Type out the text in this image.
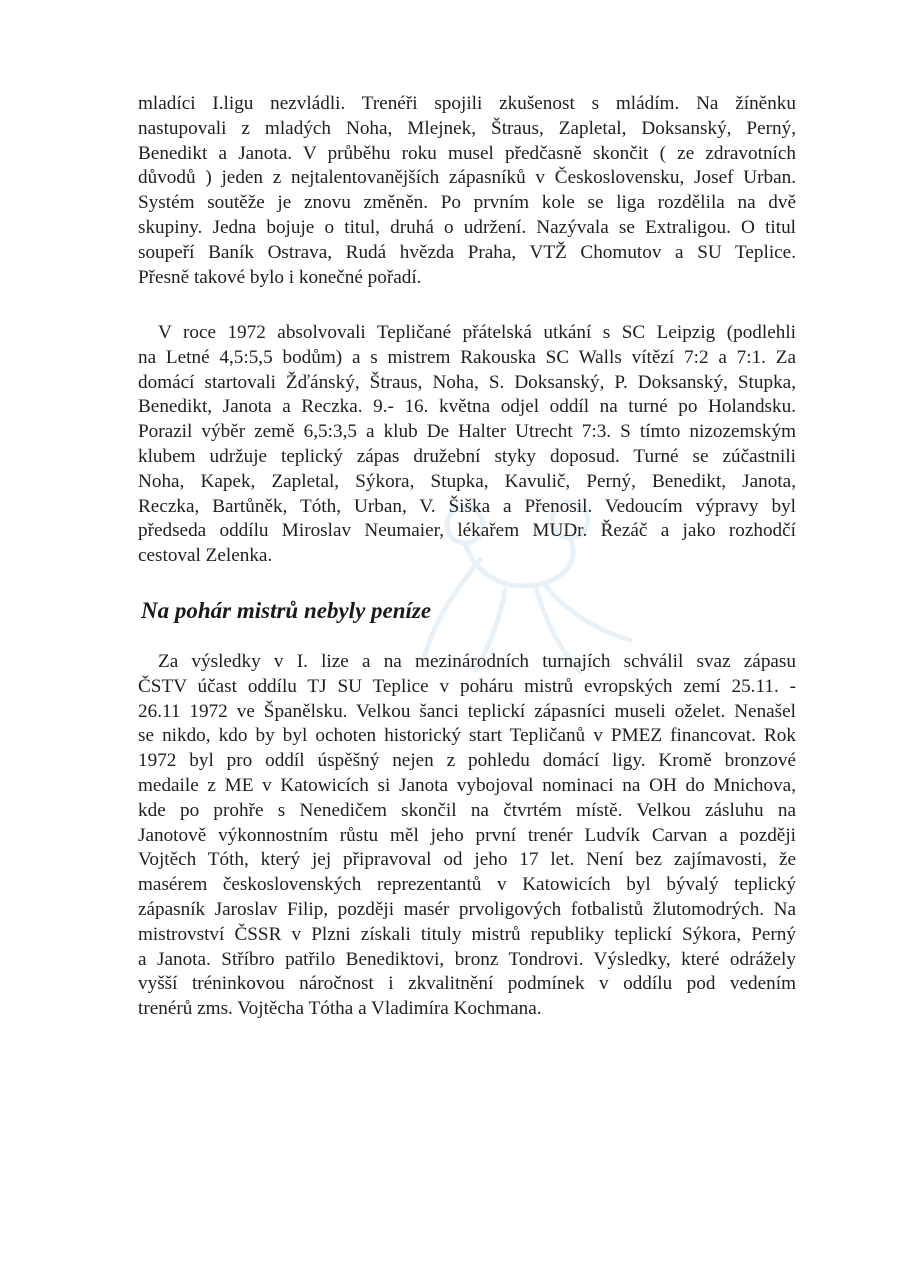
mladíci I.ligu nezvládli. Trenéři spojili zkušenost s mládím. Na žíněnku
nastupovali z mladých Noha, Mlejnek, Štraus, Zapletal, Doksanský, Perný,
Benedikt a Janota. V průběhu roku musel předčasně skončit ( ze zdravotních
důvodů ) jeden z nejtalentovanějších zápasníků v Československu, Josef Urban.
Systém soutěže je znovu změněn. Po prvním kole se liga rozdělila na dvě
skupiny. Jedna bojuje o titul, druhá o udržení. Nazývala se Extraligou. O titul
soupeří Baník Ostrava, Rudá hvězda Praha, VTŽ Chomutov a SU Teplice.
Přesně takové bylo i konečné pořadí.

V roce 1972 absolvovali Tepličané přátelská utkání s SC Leipzig (podlehli
na Letné 4,5:5,5 bodům) a s mistrem Rakouska SC Walls vítězí 7:2 a 7:1. Za
domácí startovali Žďánský, Štraus, Noha, S. Doksanský, P. Doksanský, Stupka,
Benedikt, Janota a Reczka. 9.- 16. května odjel oddíl na turné po Holandsku.
Porazil výběr země 6,5:3,5 a klub De Halter Utrecht 7:3. S tímto nizozemským
klubem udržuje teplický zápas družební styky doposud. Turné se zúčastnili
Noha, Kapek, Zapletal, Sýkora, Stupka, Kavulič, Perný, Benedikt, Janota,
Reczka, Bartůněk, Tóth, Urban, V. Šiška a Přenosil. Vedoucím výpravy byl
předseda oddílu Miroslav Neumaier, lékařem MUDr. Řezáč a jako rozhodčí
cestoval Zelenka.

Na pohár mistrů nebyly peníze

Za výsledky v I. lize a na mezinárodních turnajích schválil svaz zápasu
ČSTV účast oddílu TJ SU Teplice v poháru mistrů evropských zemí 25.11. -
26.11 1972 ve Španělsku. Velkou šanci teplickí zápasníci museli oželet. Nenašel
se nikdo, kdo by byl ochoten historický start Tepličanů v PMEZ financovat. Rok
1972 byl pro oddíl úspěšný nejen z pohledu domácí ligy. Kromě bronzové
medaile z ME v Katowicích si Janota vybojoval nominaci na OH do Mnichova,
kde po prohře s Nenedičem skončil na čtvrtém místě. Velkou zásluhu na
Janotově výkonnostním růstu měl jeho první trenér Ludvík Carvan a později
Vojtěch Tóth, který jej připravoval od jeho 17 let. Není bez zajímavosti, že
masérem československých reprezentantů v Katowicích byl bývalý teplický
zápasník Jaroslav Filip, později masér prvoligových fotbalistů žlutomodrých. Na
mistrovství ČSSR v Plzni získali tituly mistrů republiky teplickí Sýkora, Perný
a Janota. Stříbro patřilo Benediktovi, bronz Tondrovi. Výsledky, které odrážely
vyšší tréninkovou náročnost i zkvalitnění podmínek v oddílu pod vedením
trenérů zms. Vojtěcha Tótha a Vladimíra Kochmana.
